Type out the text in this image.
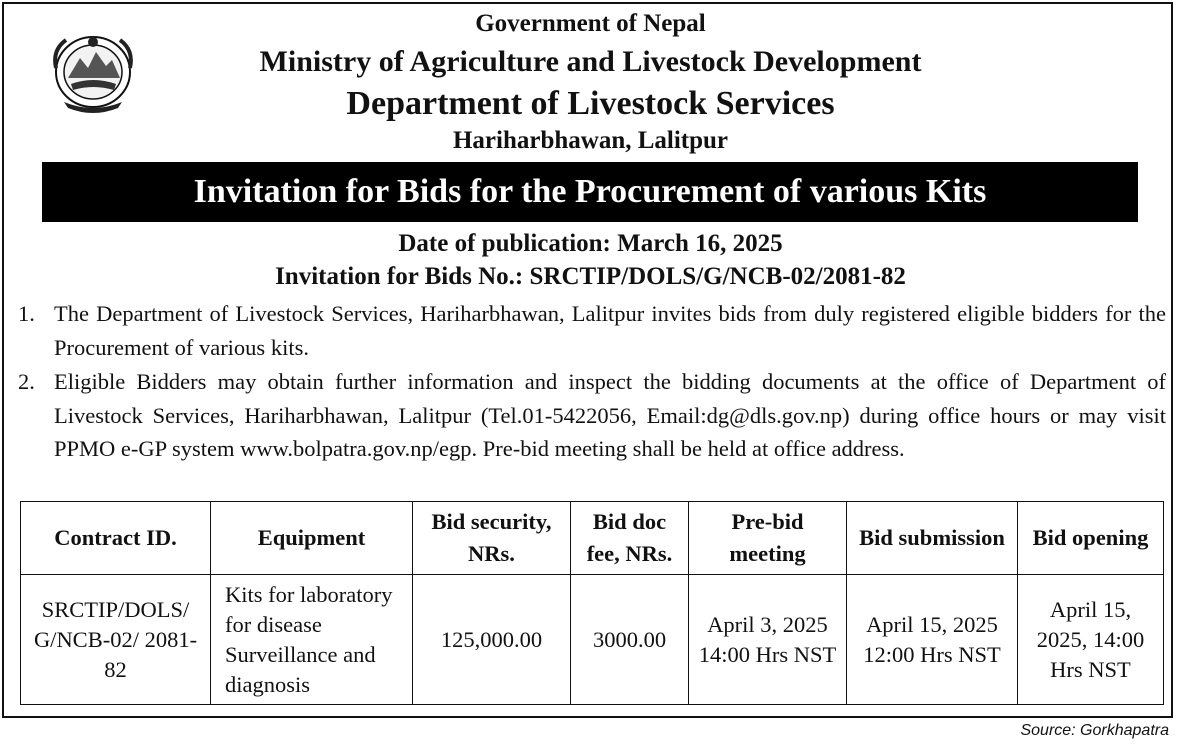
Government of Nepal

Ministry of Agriculture and Livestock Development

Department of Livestock Services

Hariharbhawan, Lalitpur

Invitation for Bids for the Procurement of various Kits

Date of publication: March 16, 2025

Invitation for Bids No.: SRCTIP/DOLS/G/NCB-02/2081-82

1. The Department of Livestock Services, Hariharbhawan, Lalitpur invites bids from duly registered eligible bidders for the Procurement of various kits.
2. Eligible Bidders may obtain further information and inspect the bidding documents at the office of Department of Livestock Services, Hariharbhawan, Lalitpur (Tel.01-5422056, Email:dg@dls.gov.np) during office hours or may visit PPMO e-GP system www.bolpatra.gov.np/egp. Pre-bid meeting shall be held at office address.
Contract ID.	Equipment	Bid security, NRs.	Bid doc fee, NRs.	Pre-bid meeting	Bid submission	Bid opening
SRCTIP/DOLS/ G/NCB-02/ 2081-82	Kits for laboratory for disease Surveillance and diagnosis	125,000.00	3000.00	April 3, 2025 14:00 Hrs NST	April 15, 2025 12:00 Hrs NST	April 15, 2025, 14:00 Hrs NST
Source: Gorkhapatra
